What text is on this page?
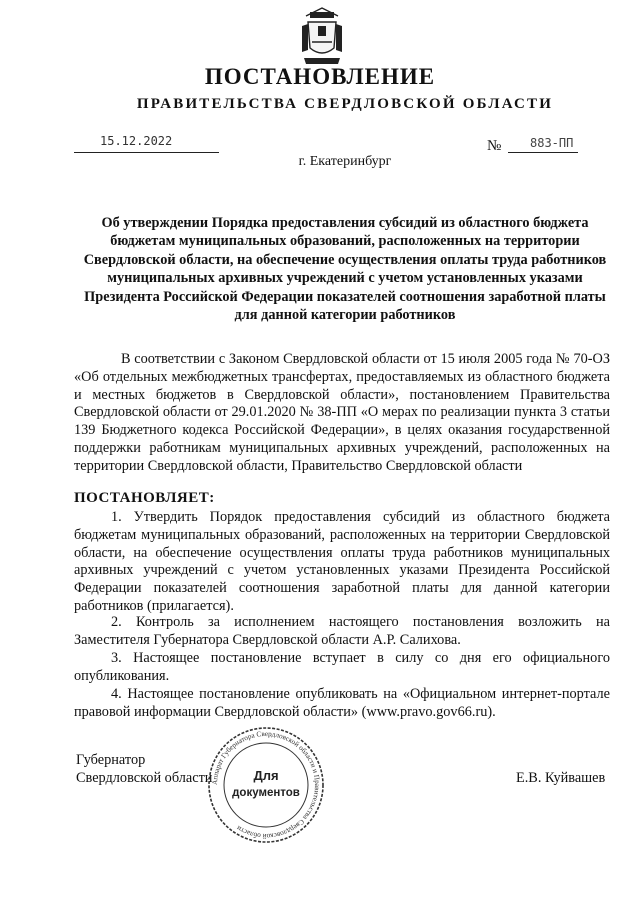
ПОСТАНОВЛЕНИЕ
ПРАВИТЕЛЬСТВА СВЕРДЛОВСКОЙ ОБЛАСТИ
15.12.2022	№ 883-ПП
г. Екатеринбург
Об утверждении Порядка предоставления субсидий из областного бюджета бюджетам муниципальных образований, расположенных на территории Свердловской области, на обеспечение осуществления оплаты труда работников муниципальных архивных учреждений с учетом установленных указами Президента Российской Федерации показателей соотношения заработной платы для данной категории работников

В соответствии с Законом Свердловской области от 15 июля 2005 года № 70-ОЗ «Об отдельных межбюджетных трансфертах, предоставляемых из областного бюджета и местных бюджетов в Свердловской области», постановлением Правительства Свердловской области от 29.01.2020 № 38-ПП «О мерах по реализации пункта 3 статьи 139 Бюджетного кодекса Российской Федерации», в целях оказания государственной поддержки работникам муниципальных архивных учреждений, расположенных на территории Свердловской области, Правительство Свердловской области

ПОСТАНОВЛЯЕТ:

1. Утвердить Порядок предоставления субсидий из областного бюджета бюджетам муниципальных образований, расположенных на территории Свердловской области, на обеспечение осуществления оплаты труда работников муниципальных архивных учреждений с учетом установленных указами Президента Российской Федерации показателей соотношения заработной платы для данной категории работников (прилагается).

2. Контроль за исполнением настоящего постановления возложить на Заместителя Губернатора Свердловской области А.Р. Салихова.

3. Настоящее постановление вступает в силу со дня его официального опубликования.

4. Настоящее постановление опубликовать на «Официальном интернет-портале правовой информации Свердловской области» (www.pravo.gov66.ru).

Губернатор
Свердловской области	Е.В. Куйвашев
Аппарат Губернатора Свердловской области и Правительства Свердловской области
Для
документов
